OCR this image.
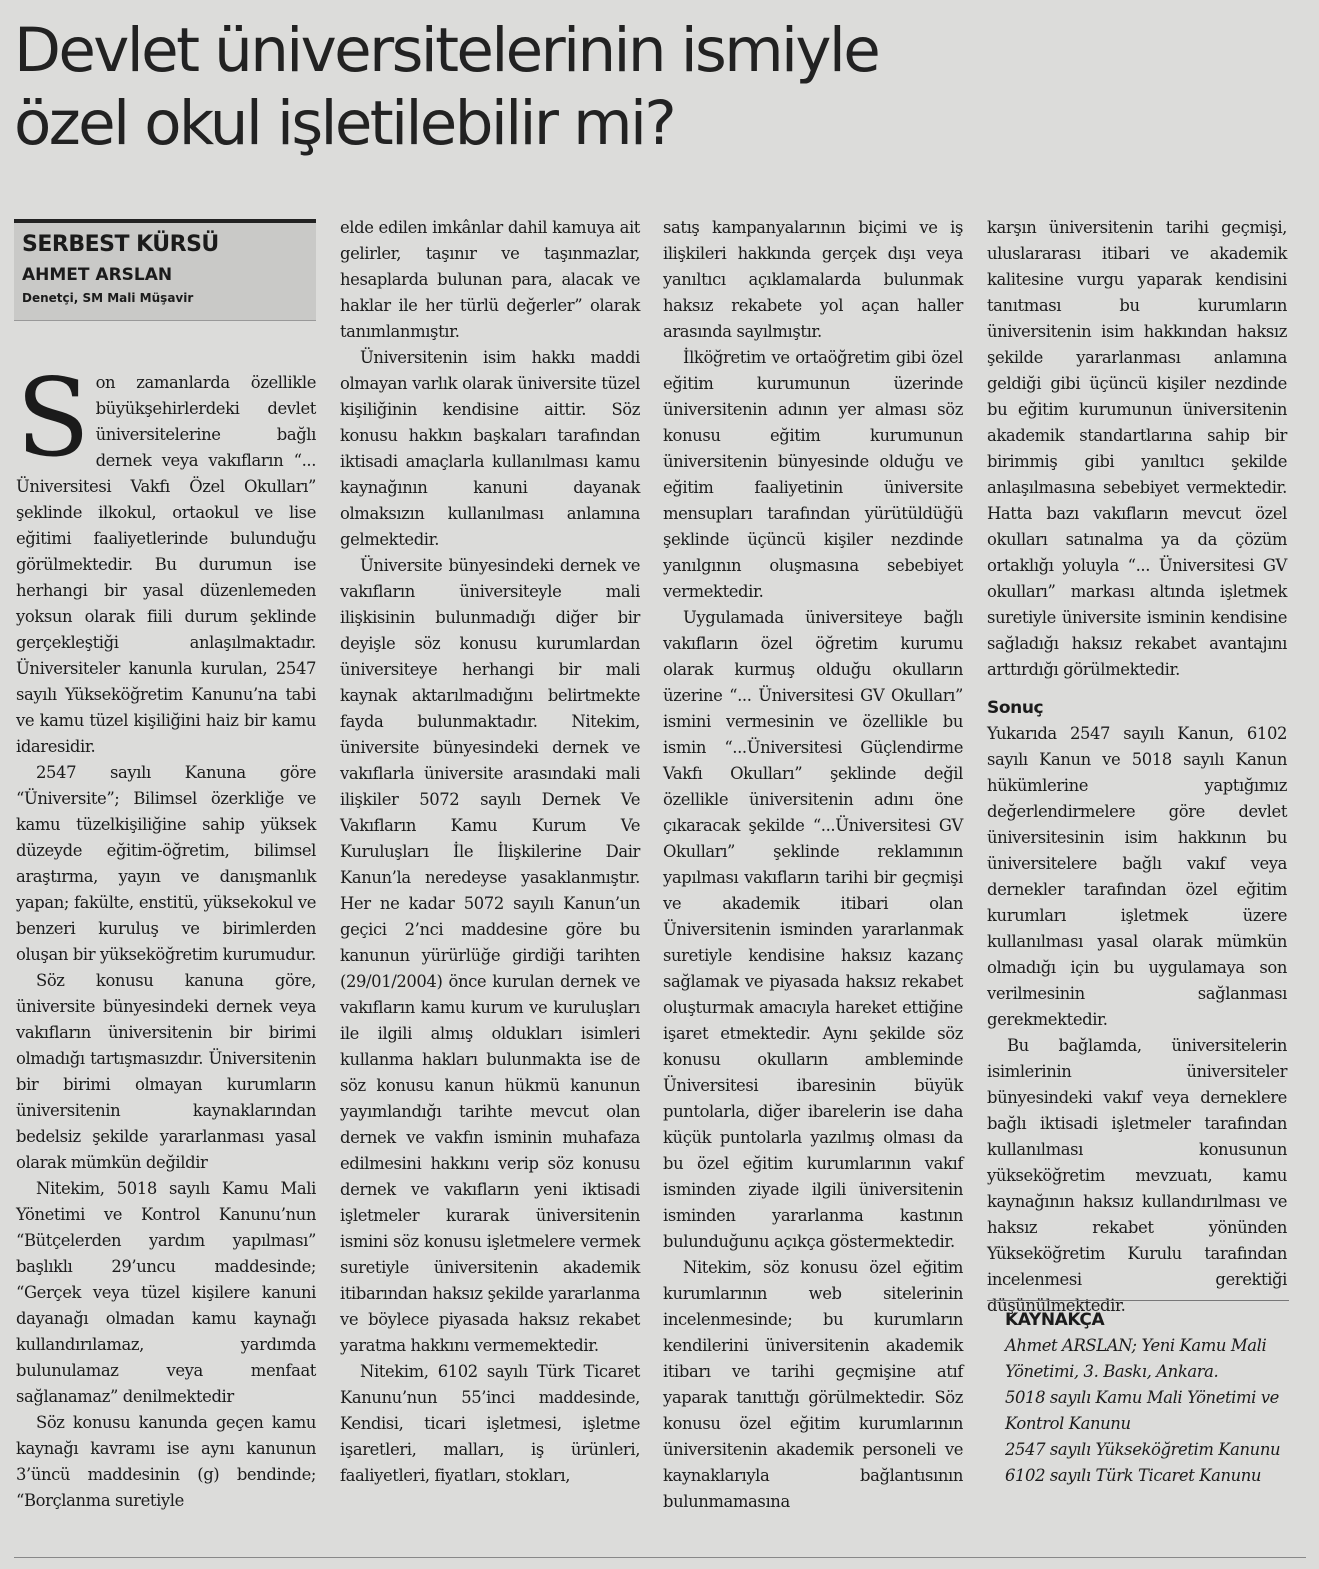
Devlet üniversitelerinin ismiyle
özel okul işletilebilir mi?
SERBEST KÜRSÜ
AHMET ARSLAN
Denetçi, SM Mali Müşavir

Son zamanlarda özellikle büyükşehirlerdeki devlet üniversitelerine bağlı dernek veya vakıfların “... Üniversitesi Vakfı Özel Okulları” şeklinde ilkokul, ortaokul ve lise eğitimi faaliyetlerinde bulunduğu görülmektedir. Bu durumun ise herhangi bir yasal düzenlemeden yoksun olarak fiili durum şeklinde gerçekleştiği anlaşılmaktadır. Üniversiteler kanunla kurulan, 2547 sayılı Yükseköğretim Kanunu’na tabi ve kamu tüzel kişiliğini haiz bir kamu idaresidir.

2547 sayılı Kanuna göre “Üniversite”; Bilimsel özerkliğe ve kamu tüzelkişiliğine sahip yüksek düzeyde eğitim-öğretim, bilimsel araştırma, yayın ve danışmanlık yapan; fakülte, enstitü, yüksekokul ve benzeri kuruluş ve birimlerden oluşan bir yükseköğretim kurumudur.

Söz konusu kanuna göre, üniversite bünyesindeki dernek veya vakıfların üniversitenin bir birimi olmadığı tartışmasızdır. Üniversitenin bir birimi olmayan kurumların üniversitenin kaynaklarından bedelsiz şekilde yararlanması yasal olarak mümkün değildir

Nitekim, 5018 sayılı Kamu Mali Yönetimi ve Kontrol Kanunu’nun “Bütçelerden yardım yapılması” başlıklı 29’uncu maddesinde; “Gerçek veya tüzel kişilere kanuni dayanağı olmadan kamu kaynağı kullandırılamaz, yardımda bulunulamaz veya menfaat sağlanamaz” denilmektedir

Söz konusu kanunda geçen kamu kaynağı kavramı ise aynı kanunun 3’üncü maddesinin (g) bendinde; “Borçlanma suretiyle

elde edilen imkânlar dahil kamuya ait gelirler, taşınır ve taşınmazlar, hesaplarda bulunan para, alacak ve haklar ile her türlü değerler” olarak tanımlanmıştır.

Üniversitenin isim hakkı maddi olmayan varlık olarak üniversite tüzel kişiliğinin kendisine aittir. Söz konusu hakkın başkaları tarafından iktisadi amaçlarla kullanılması kamu kaynağının kanuni dayanak olmaksızın kullanılması anlamına gelmektedir.

Üniversite bünyesindeki dernek ve vakıfların üniversiteyle mali ilişkisinin bulunmadığı diğer bir deyişle söz konusu kurumlardan üniversiteye herhangi bir mali kaynak aktarılmadığını belirtmekte fayda bulunmaktadır. Nitekim, üniversite bünyesindeki dernek ve vakıflarla üniversite arasındaki mali ilişkiler 5072 sayılı Dernek Ve Vakıfların Kamu Kurum Ve Kuruluşları İle İlişkilerine Dair Kanun’la neredeyse yasaklanmıştır. Her ne kadar 5072 sayılı Kanun’un geçici 2’nci maddesine göre bu kanunun yürürlüğe girdiği tarihten (29/01/2004) önce kurulan dernek ve vakıfların kamu kurum ve kuruluşları ile ilgili almış oldukları isimleri kullanma hakları bulunmakta ise de söz konusu kanun hükmü kanunun yayımlandığı tarihte mevcut olan dernek ve vakfın isminin muhafaza edilmesini hakkını verip söz konusu dernek ve vakıfların yeni iktisadi işletmeler kurarak üniversitenin ismini söz konusu işletmelere vermek suretiyle üniversitenin akademik itibarından haksız şekilde yararlanma ve böylece piyasada haksız rekabet yaratma hakkını vermemektedir.

Nitekim, 6102 sayılı Türk Ticaret Kanunu’nun 55’inci maddesinde, Kendisi, ticari işletmesi, işletme işaretleri, malları, iş ürünleri, faaliyetleri, fiyatları, stokları,

satış kampanyalarının biçimi ve iş ilişkileri hakkında gerçek dışı veya yanıltıcı açıklamalarda bulunmak haksız rekabete yol açan haller arasında sayılmıştır.

İlköğretim ve ortaöğretim gibi özel eğitim kurumunun üzerinde üniversitenin adının yer alması söz konusu eğitim kurumunun üniversitenin bünyesinde olduğu ve eğitim faaliyetinin üniversite mensupları tarafından yürütüldüğü şeklinde üçüncü kişiler nezdinde yanılgının oluşmasına sebebiyet vermektedir.

Uygulamada üniversiteye bağlı vakıfların özel öğretim kurumu olarak kurmuş olduğu okulların üzerine “... Üniversitesi GV Okulları” ismini vermesinin ve özellikle bu ismin “...Üniversitesi Güçlendirme Vakfı Okulları” şeklinde değil özellikle üniversitenin adını öne çıkaracak şekilde “...Üniversitesi GV Okulları” şeklinde reklamının yapılması vakıfların tarihi bir geçmişi ve akademik itibari olan Üniversitenin isminden yararlanmak suretiyle kendisine haksız kazanç sağlamak ve piyasada haksız rekabet oluşturmak amacıyla hareket ettiğine işaret etmektedir. Aynı şekilde söz konusu okulların ambleminde Üniversitesi ibaresinin büyük puntolarla, diğer ibarelerin ise daha küçük puntolarla yazılmış olması da bu özel eğitim kurumlarının vakıf isminden ziyade ilgili üniversitenin isminden yararlanma kastının bulunduğunu açıkça göstermektedir.

Nitekim, söz konusu özel eğitim kurumlarının web sitelerinin incelenmesinde; bu kurumların kendilerini üniversitenin akademik itibarı ve tarihi geçmişine atıf yaparak tanıttığı görülmektedir. Söz konusu özel eğitim kurumlarının üniversitenin akademik personeli ve kaynaklarıyla bağlantısının bulunmamasına

karşın üniversitenin tarihi geçmişi, uluslararası itibari ve akademik kalitesine vurgu yaparak kendisini tanıtması bu kurumların üniversitenin isim hakkından haksız şekilde yararlanması anlamına geldiği gibi üçüncü kişiler nezdinde bu eğitim kurumunun üniversitenin akademik standartlarına sahip bir birimmiş gibi yanıltıcı şekilde anlaşılmasına sebebiyet vermektedir. Hatta bazı vakıfların mevcut özel okulları satınalma ya da çözüm ortaklığı yoluyla “... Üniversitesi GV okulları” markası altında işletmek suretiyle üniversite isminin kendisine sağladığı haksız rekabet avantajını arttırdığı görülmektedir.

Sonuç

Yukarıda 2547 sayılı Kanun, 6102 sayılı Kanun ve 5018 sayılı Kanun hükümlerine yaptığımız değerlendirmelere göre devlet üniversitesinin isim hakkının bu üniversitelere bağlı vakıf veya dernekler tarafından özel eğitim kurumları işletmek üzere kullanılması yasal olarak mümkün olmadığı için bu uygulamaya son verilmesinin sağlanması gerekmektedir.

Bu bağlamda, üniversitelerin isimlerinin üniversiteler bünyesindeki vakıf veya derneklere bağlı iktisadi işletmeler tarafından kullanılması konusunun yükseköğretim mevzuatı, kamu kaynağının haksız kullandırılması ve haksız rekabet yönünden Yükseköğretim Kurulu tarafından incelenmesi gerektiği düşünülmektedir.

KAYNAKÇA

Ahmet ARSLAN; Yeni Kamu Mali Yönetimi, 3. Baskı, Ankara.

5018 sayılı Kamu Mali Yönetimi ve Kontrol Kanunu

2547 sayılı Yükseköğretim Kanunu

6102 sayılı Türk Ticaret Kanunu
